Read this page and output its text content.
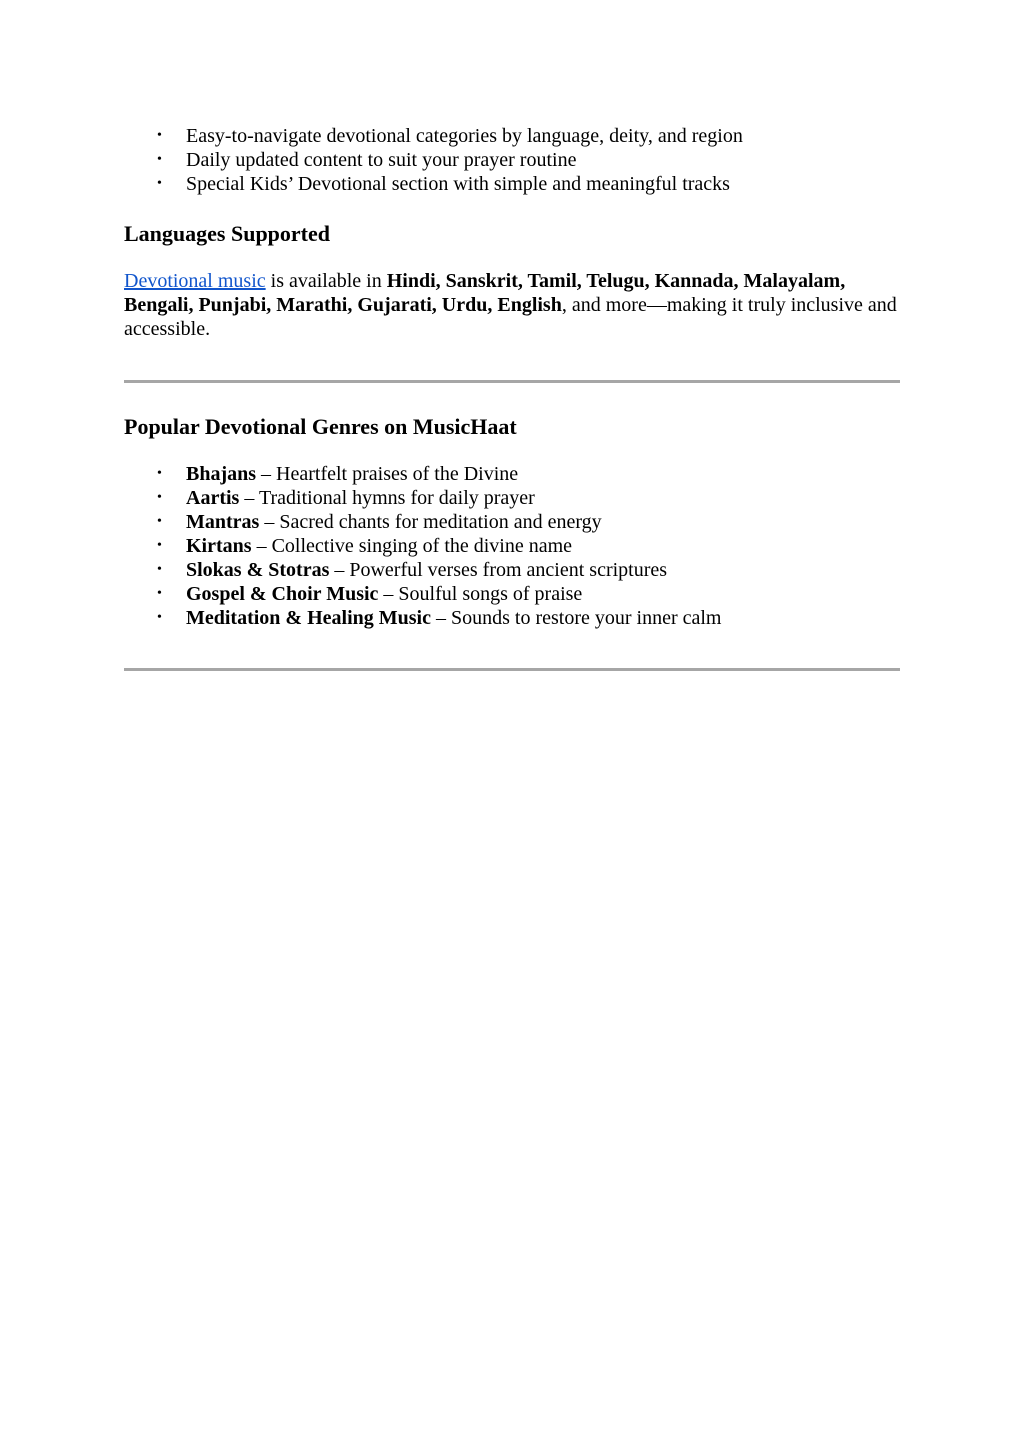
• Easy-to-navigate devotional categories by language, deity, and region
• Daily updated content to suit your prayer routine
• Special Kids’ Devotional section with simple and meaningful tracks
Languages Supported

Devotional music is available in Hindi, Sanskrit, Tamil, Telugu, Kannada, Malayalam, Bengali, Punjabi, Marathi, Gujarati, Urdu, English, and more—making it truly inclusive and accessible.

Popular Devotional Genres on MusicHaat
• Bhajans – Heartfelt praises of the Divine
• Aartis – Traditional hymns for daily prayer
• Mantras – Sacred chants for meditation and energy
• Kirtans – Collective singing of the divine name
• Slokas & Stotras – Powerful verses from ancient scriptures
• Gospel & Choir Music – Soulful songs of praise
• Meditation & Healing Music – Sounds to restore your inner calm
